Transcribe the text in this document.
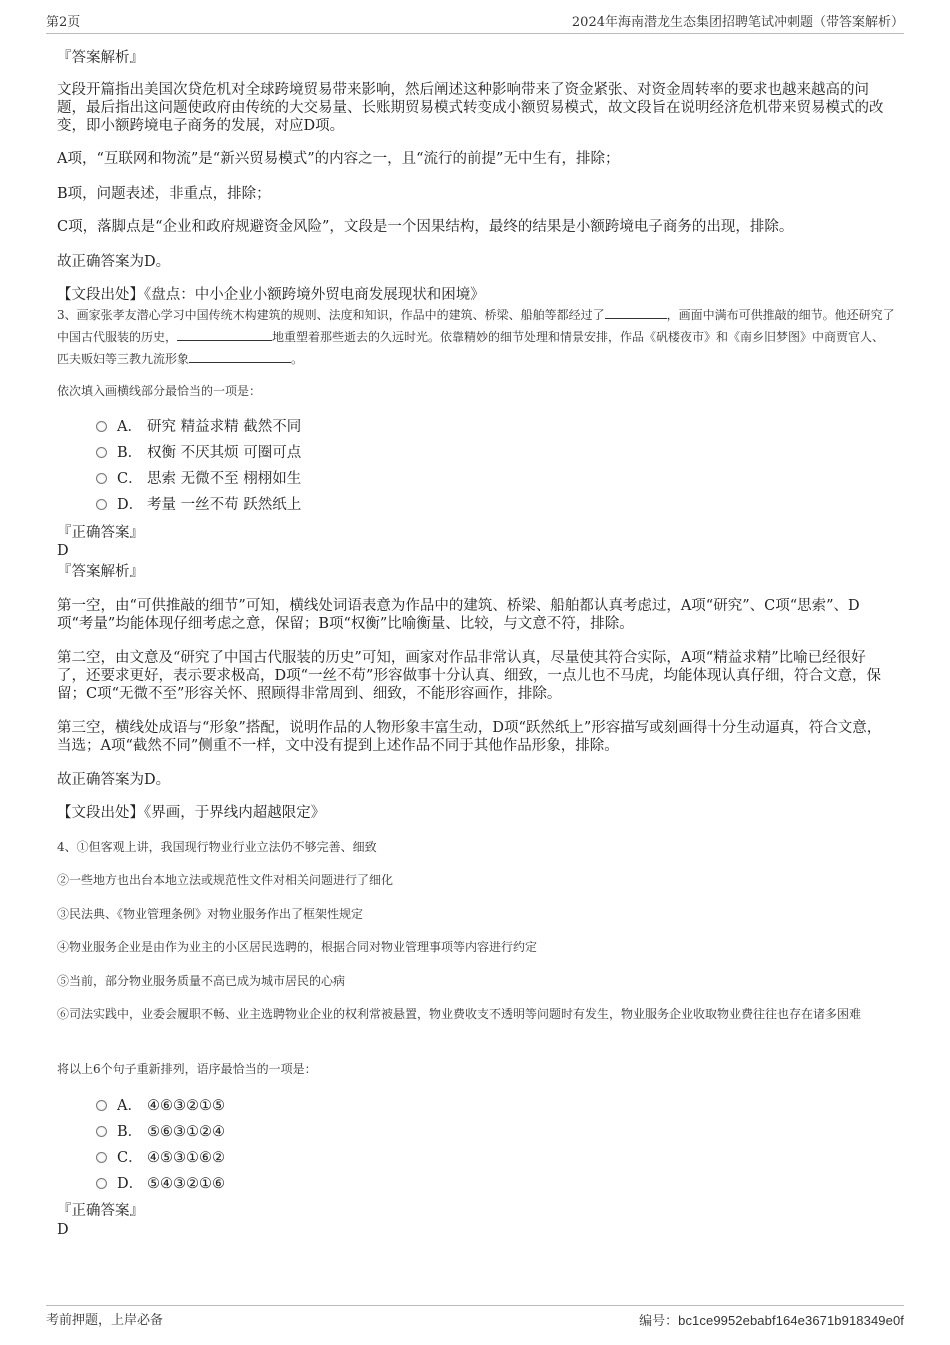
第2页	2024年海南潜龙生态集团招聘笔试冲刺题（带答案解析）
『答案解析』

文段开篇指出美国次贷危机对全球跨境贸易带来影响，然后阐述这种影响带来了资金紧张、对资金周转率的要求也越来越高的问题，最后指出这问题使政府由传统的大交易量、长账期贸易模式转变成小额贸易模式，故文段旨在说明经济危机带来贸易模式的改变，即小额跨境电子商务的发展，对应D项。

A项，“互联网和物流”是“新兴贸易模式”的内容之一，且“流行的前提”无中生有，排除；

B项，问题表述，非重点，排除；

C项，落脚点是“企业和政府规避资金风险”，文段是一个因果结构，最终的结果是小额跨境电子商务的出现，排除。

故正确答案为D。

【文段出处】《盘点：中小企业小额跨境外贸电商发展现状和困境》

3、画家张孝友潜心学习中国传统木构建筑的规则、法度和知识，作品中的建筑、桥梁、船舶等都经过了	，画面中满布可供推敲的细节。他还研究了中国古代服装的历史，	地重塑着那些逝去的久远时光。依靠精妙的细节处理和情景安排，作品《矾楼夜市》和《南乡旧梦图》中商贾官人、匹夫贩妇等三教九流形象	。

依次填入画横线部分最恰当的一项是：

A． 研究 精益求精 截然不同
B． 权衡 不厌其烦 可圈可点
C． 思索 无微不至 栩栩如生
D． 考量 一丝不苟 跃然纸上
『正确答案』
D
『答案解析』

第一空，由“可供推敲的细节”可知，横线处词语表意为作品中的建筑、桥梁、船舶都认真考虑过，A项“研究”、C项“思索”、D项“考量”均能体现仔细考虑之意，保留；B项“权衡”比喻衡量、比较，与文意不符，排除。

第二空，由文意及“研究了中国古代服装的历史”可知，画家对作品非常认真，尽量使其符合实际，A项“精益求精”比喻已经很好了，还要求更好，表示要求极高，D项“一丝不苟”形容做事十分认真、细致，一点儿也不马虎，均能体现认真仔细，符合文意，保留；C项“无微不至”形容关怀、照顾得非常周到、细致，不能形容画作，排除。

第三空，横线处成语与“形象”搭配，说明作品的人物形象丰富生动，D项“跃然纸上”形容描写或刻画得十分生动逼真，符合文意，当选；A项“截然不同”侧重不一样，文中没有提到上述作品不同于其他作品形象，排除。

故正确答案为D。

【文段出处】《界画，于界线内超越限定》

4、①但客观上讲，我国现行物业行业立法仍不够完善、细致

②一些地方也出台本地立法或规范性文件对相关问题进行了细化

③民法典、《物业管理条例》对物业服务作出了框架性规定

④物业服务企业是由作为业主的小区居民选聘的，根据合同对物业管理事项等内容进行约定

⑤当前，部分物业服务质量不高已成为城市居民的心病

⑥司法实践中，业委会履职不畅、业主选聘物业企业的权利常被悬置，物业费收支不透明等问题时有发生，物业服务企业收取物业费往往也存在诸多困难

将以上6个句子重新排列，语序最恰当的一项是：

A． ④⑥③②①⑤
B． ⑤⑥③①②④
C． ④⑤③①⑥②
D． ⑤④③②①⑥
『正确答案』
D
考前押题，上岸必备	编号：bc1ce9952ebabf164e3671b918349e0f
